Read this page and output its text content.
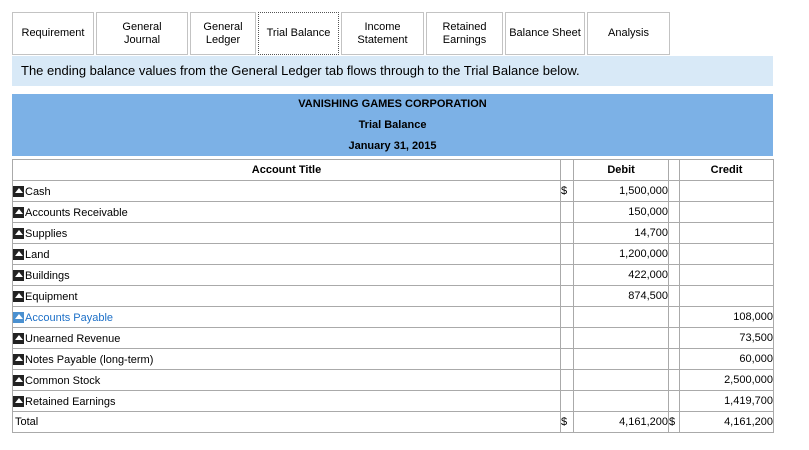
Requirement
General
Journal
General
Ledger
Trial Balance
Income
Statement
Retained
Earnings
Balance Sheet	Analysis
The ending balance values from the General Ledger tab flows through to the Trial Balance below.
VANISHING GAMES CORPORATION
Trial Balance
January 31, 2015
Account Title		Debit		Credit

Cash	$	1,500,000		

Accounts Receivable		150,000		

Supplies		14,700		

Land		1,200,000		

Buildings		422,000		

Equipment		874,500		

Accounts Payable				108,000

Unearned Revenue				73,500

Notes Payable (long-term)				60,000

Common Stock				2,500,000

Retained Earnings				1,419,700
Total	$	4,161,200	$	4,161,200
